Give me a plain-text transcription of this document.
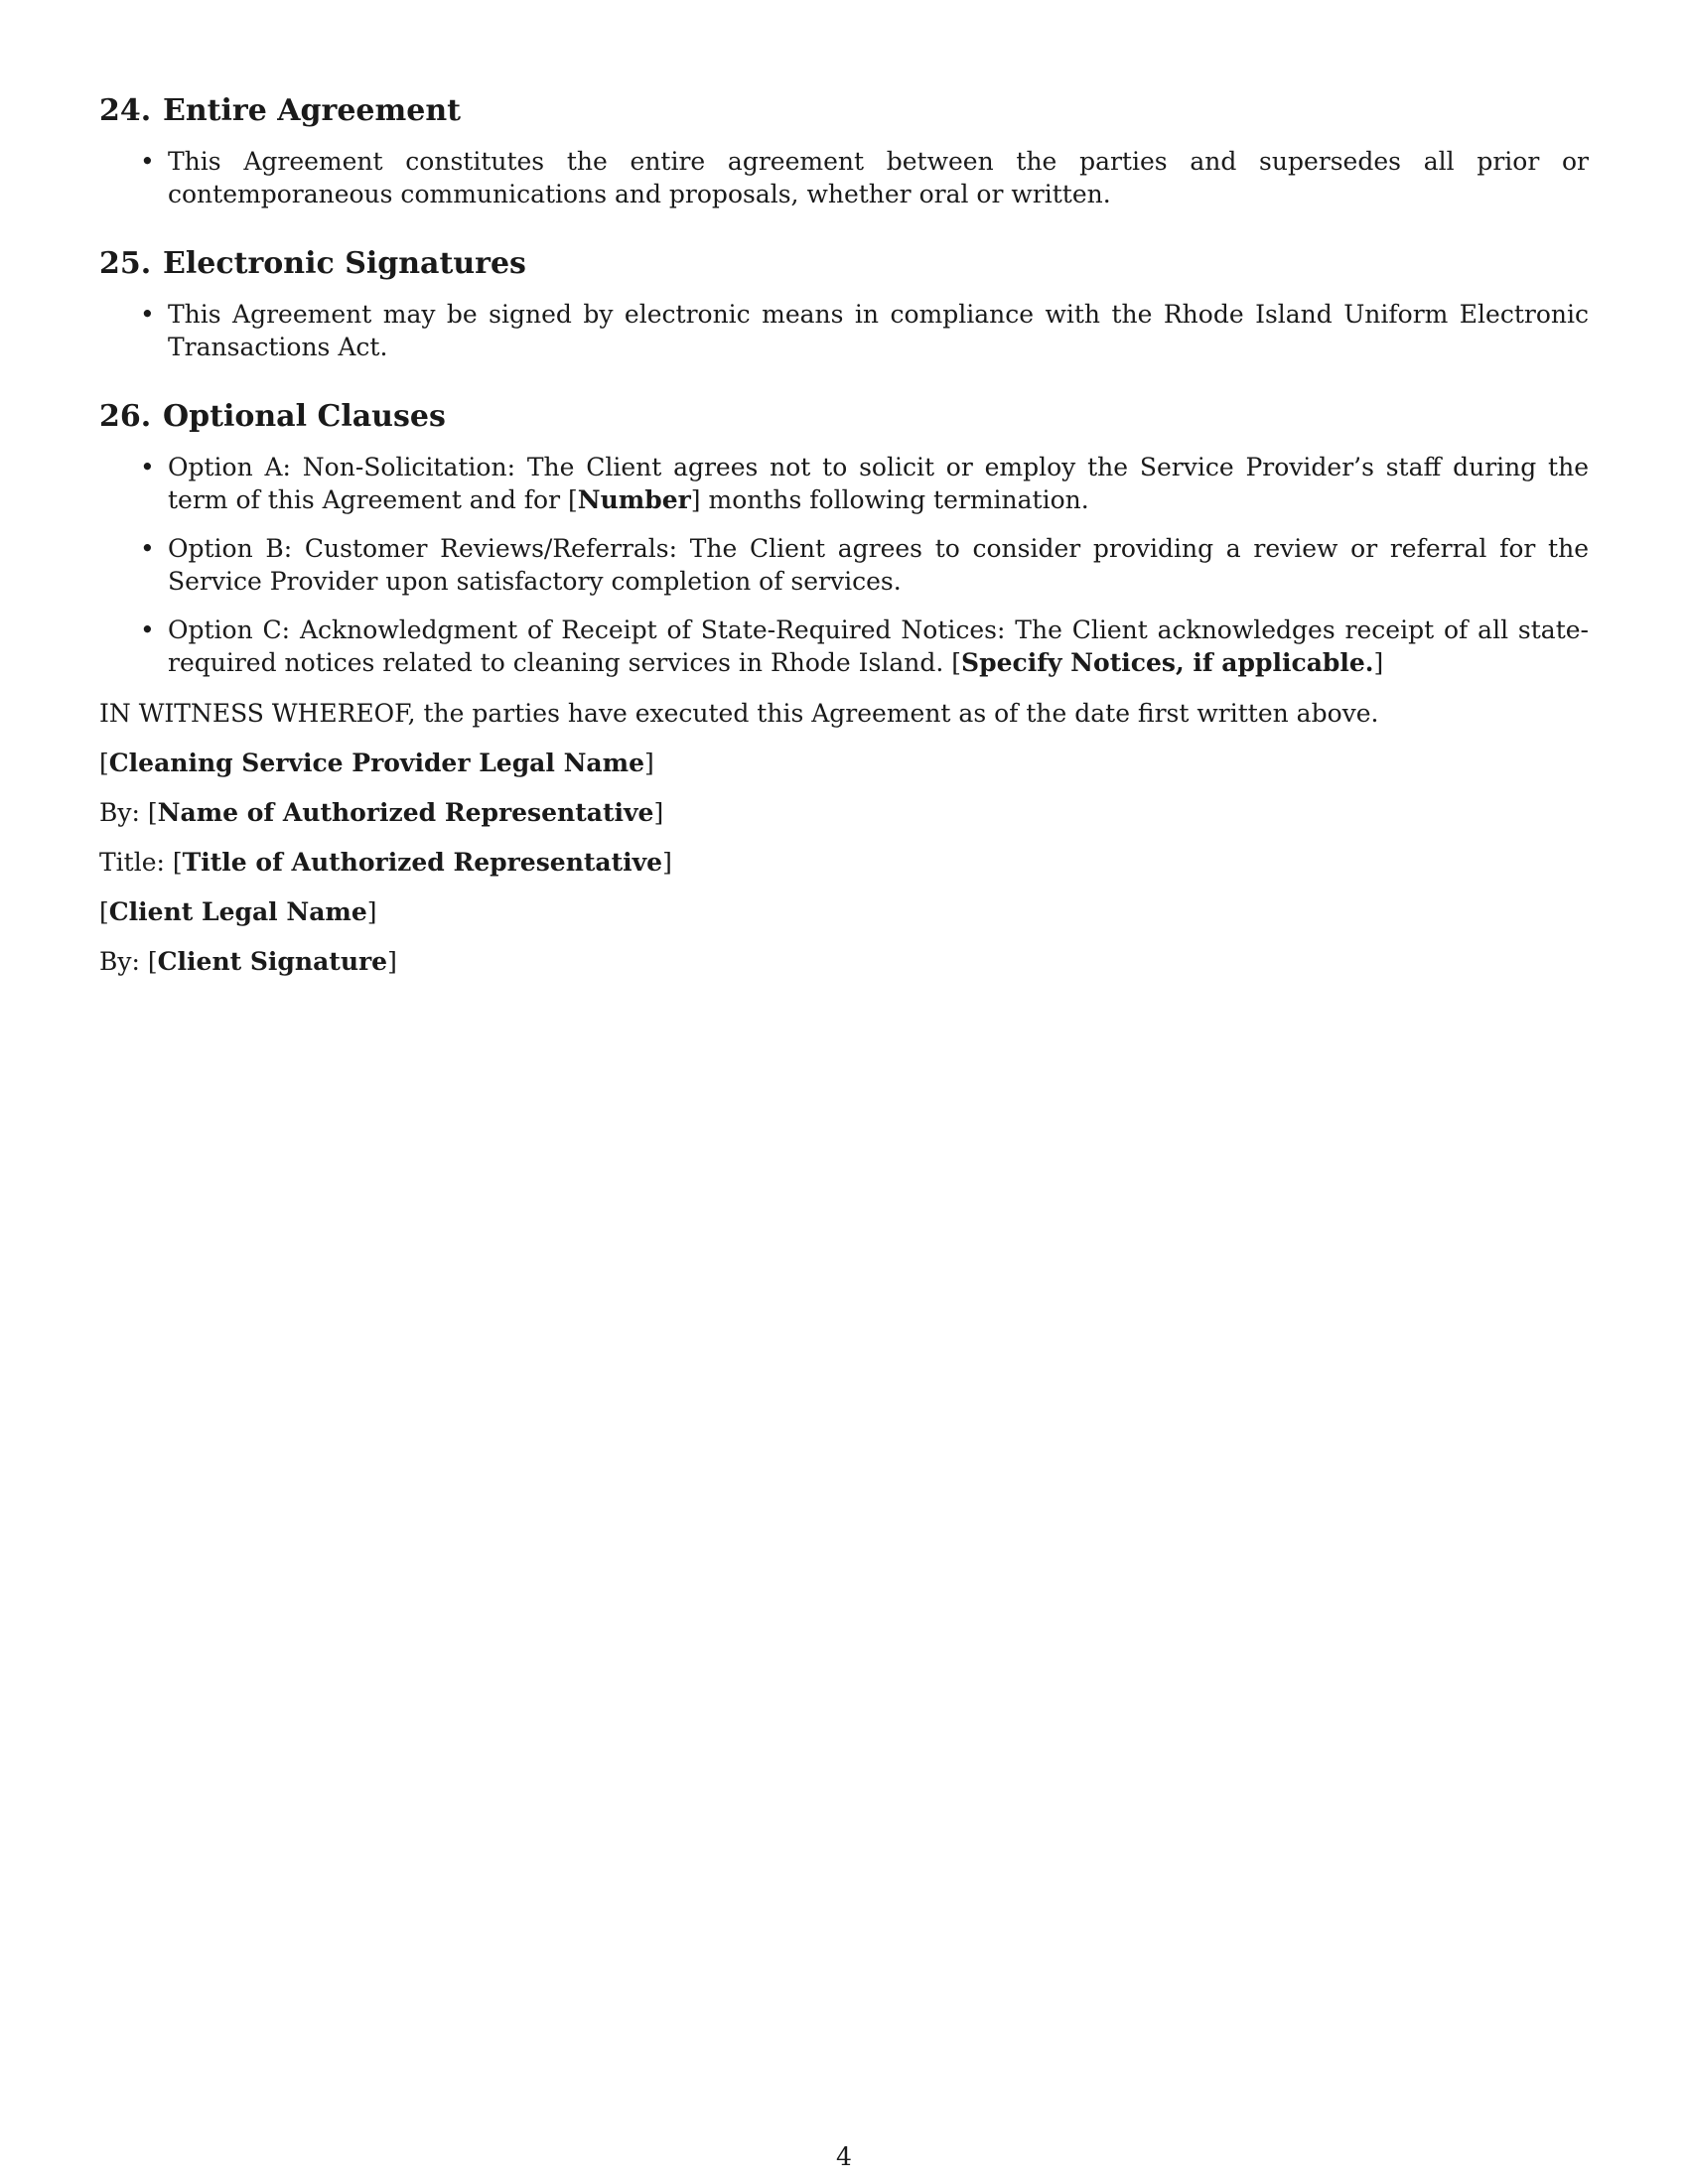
24. Entire Agreement
• This Agreement constitutes the entire agreement between the parties and supersedes all prior or contemporaneous communications and proposals, whether oral or written.
25. Electronic Signatures
• This Agreement may be signed by electronic means in compliance with the Rhode Island Uniform Electronic Transactions Act.
26. Optional Clauses
• Option A: Non-Solicitation: The Client agrees not to solicit or employ the Service Provider’s staff during the term of this Agreement and for [Number] months following termination.
• Option B: Customer Reviews/Referrals: The Client agrees to consider providing a review or referral for the Service Provider upon satisfactory completion of services.
• Option C: Acknowledgment of Receipt of State-Required Notices: The Client acknowledges receipt of all state-required notices related to cleaning services in Rhode Island. [Specify Notices, if applicable.]

IN WITNESS WHEREOF, the parties have executed this Agreement as of the date first written above.

[Cleaning Service Provider Legal Name]

By: [Name of Authorized Representative]

Title: [Title of Authorized Representative]

[Client Legal Name]

By: [Client Signature]

4
